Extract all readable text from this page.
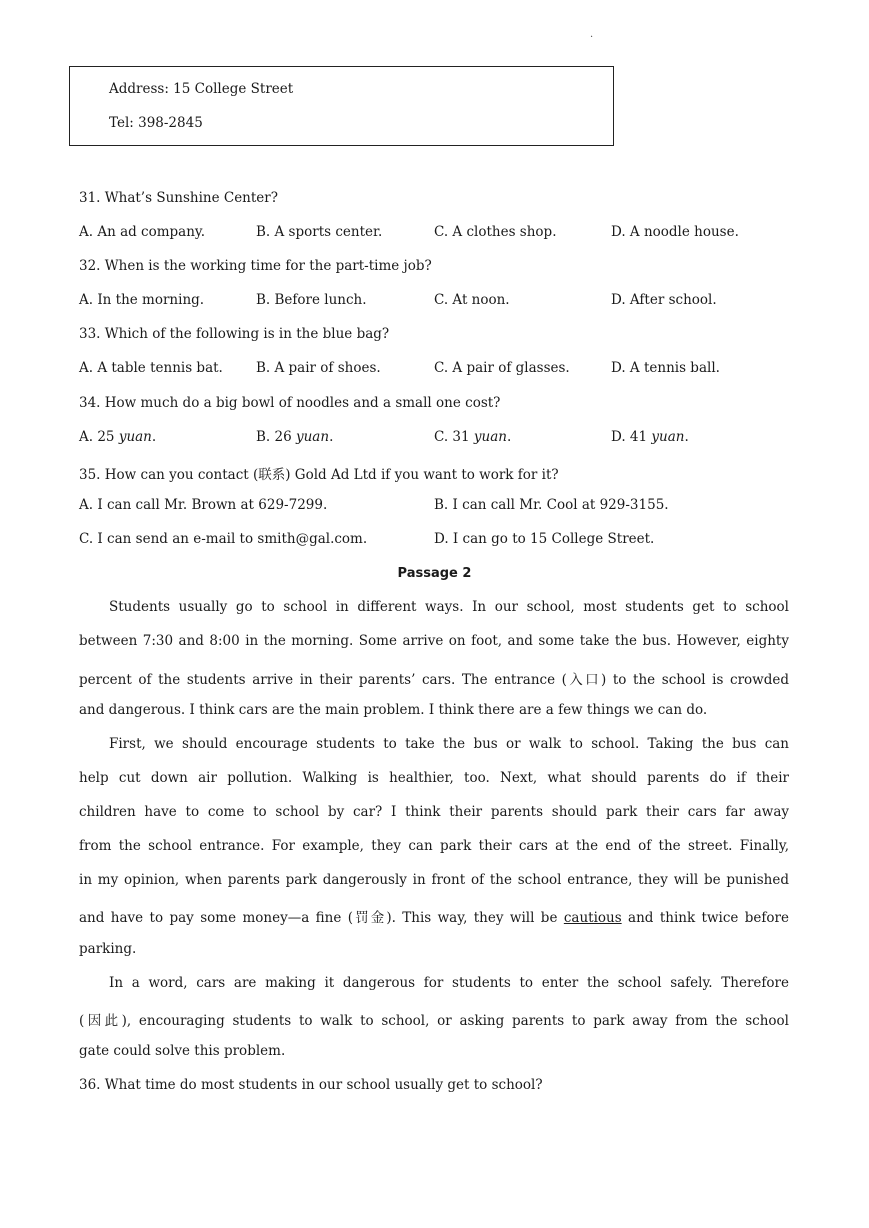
·
Address: 15 College Street
Tel: 398-2845
31. What’s Sunshine Center?
A. An ad company.	B. A sports center.	C. A clothes shop.	D. A noodle house.
32. When is the working time for the part-time job?
A. In the morning.	B. Before lunch.	C. At noon.	D. After school.
33. Which of the following is in the blue bag?
A. A table tennis bat. B. A pair of shoes.	C. A pair of glasses.	D. A tennis ball.
34. How much do a big bowl of noodles and a small one cost?
A. 25 yuan.	B. 26 yuan.	C. 31 yuan.	D. 41 yuan.
35. How can you contact (联系) Gold Ad Ltd if you want to work for it?
A. I can call Mr. Brown at 629-7299.	B. I can call Mr. Cool at 929-3155.
C. I can send an e-mail to smith@gal.com.	D. I can go to 15 College Street.
Passage 2
Students usually go to school in different ways. In our school, most students get to school
between 7:30 and 8:00 in the morning. Some arrive on foot, and some take the bus. However, eighty
percent of the students arrive in their parents’ cars. The entrance (入口) to the school is crowded
and dangerous. I think cars are the main problem. I think there are a few things we can do.
First, we should encourage students to take the bus or walk to school. Taking the bus can
help cut down air pollution. Walking is healthier, too. Next, what should parents do if their
children have to come to school by car? I think their parents should park their cars far away
from the school entrance. For example, they can park their cars at the end of the street. Finally,
in my opinion, when parents park dangerously in front of the school entrance, they will be punished
and have to pay some money—a fine (罚金). This way, they will be cautious and think twice before
parking.
In a word, cars are making it dangerous for students to enter the school safely. Therefore
(因此), encouraging students to walk to school, or asking parents to park away from the school
gate could solve this problem.
36. What time do most students in our school usually get to school?
